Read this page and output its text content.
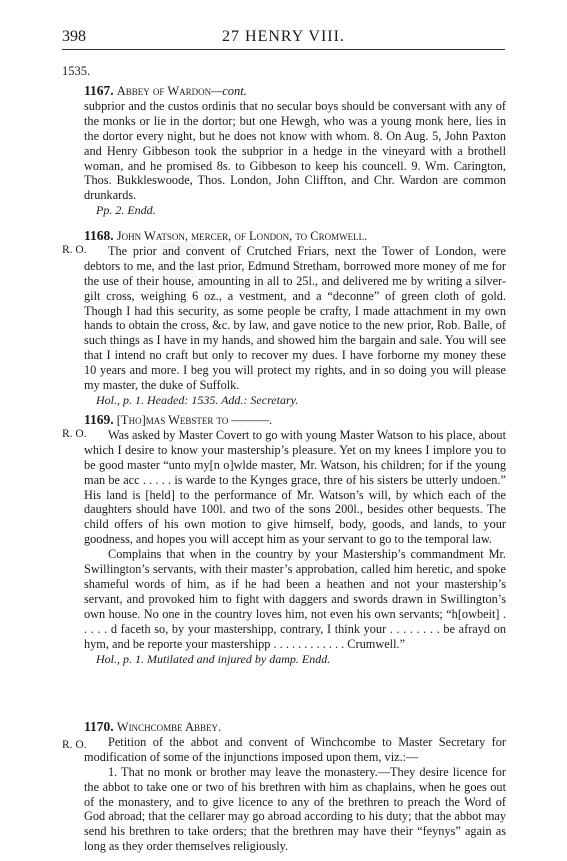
398	27 HENRY VIII.
1535.

1167. Abbey of Wardon—cont.

subprior and the custos ordinis that no secular boys should be conversant with any of the monks or lie in the dortor; but one Hewgh, who was a young monk here, lies in the dortor every night, but he does not know with whom. 8. On Aug. 5, John Paxton and Henry Gibbeson took the subprior in a hedge in the vineyard with a brothell woman, and he promised 8s. to Gibbeson to keep his councell. 9. Wm. Carington, Thos. Bukkleswoode, Thos. London, John Cliffton, and Chr. Wardon are common drunkards.

Pp. 2. Endd.

R. O.

1168. John Watson, mercer, of London, to Cromwell.

The prior and convent of Crutched Friars, next the Tower of London, were debtors to me, and the last prior, Edmund Stretham, borrowed more money of me for the use of their house, amounting in all to 25l., and delivered me by writing a silver-gilt cross, weighing 6 oz., a vestment, and a “deconne” of green cloth of gold. Though I had this security, as some people be crafty, I made attachment in my own hands to obtain the cross, &c. by law, and gave notice to the new prior, Rob. Balle, of such things as I have in my hands, and showed him the bargain and sale. You will see that I intend no craft but only to recover my dues. I have forborne my money these 10 years and more. I beg you will protect my rights, and in so doing you will please my master, the duke of Suffolk.

Hol., p. 1. Headed: 1535. Add.: Secretary.

R. O.

1169. [Tho]mas Webster to ———.

Was asked by Master Covert to go with young Master Watson to his place, about which I desire to know your mastership’s pleasure. Yet on my knees I implore you to be good master “unto my[n o]wlde master, Mr. Watson, his children; for if the young man be acc . . . . . is warde to the Kynges grace, thre of his sisters be utterly undoen.” His land is [held] to the performance of Mr. Watson’s will, by which each of the daughters should have 100l. and two of the sons 200l., besides other bequests. The child offers of his own motion to give himself, body, goods, and lands, to your goodness, and hopes you will accept him as your servant to go to the temporal law.

Complains that when in the country by your Mastership’s commandment Mr. Swillington’s servants, with their master’s approbation, called him heretic, and spoke shameful words of him, as if he had been a heathen and not your mastership’s servant, and provoked him to fight with daggers and swords drawn in Swillington’s own house. No one in the country loves him, not even his own servants; “h[owbeit] . . . . . d faceth so, by your mastershipp, contrary, I think your . . . . . . . . be afrayd on hym, and be reporte your mastershipp . . . . . . . . . . . . Crumwell.”

Hol., p. 1. Mutilated and injured by damp. Endd.

R. O.

1170. Winchcombe Abbey.

Petition of the abbot and convent of Winchcombe to Master Secretary for modification of some of the injunctions imposed upon them, viz.:—

1. That no monk or brother may leave the monastery.—They desire licence for the abbot to take one or two of his brethren with him as chaplains, when he goes out of the monastery, and to give licence to any of the brethren to preach the Word of God abroad; that the cellarer may go abroad according to his duty; that the abbot may send his brethren to take orders; that the brethren may have their “feynys” again as long as they order themselves religiously.
